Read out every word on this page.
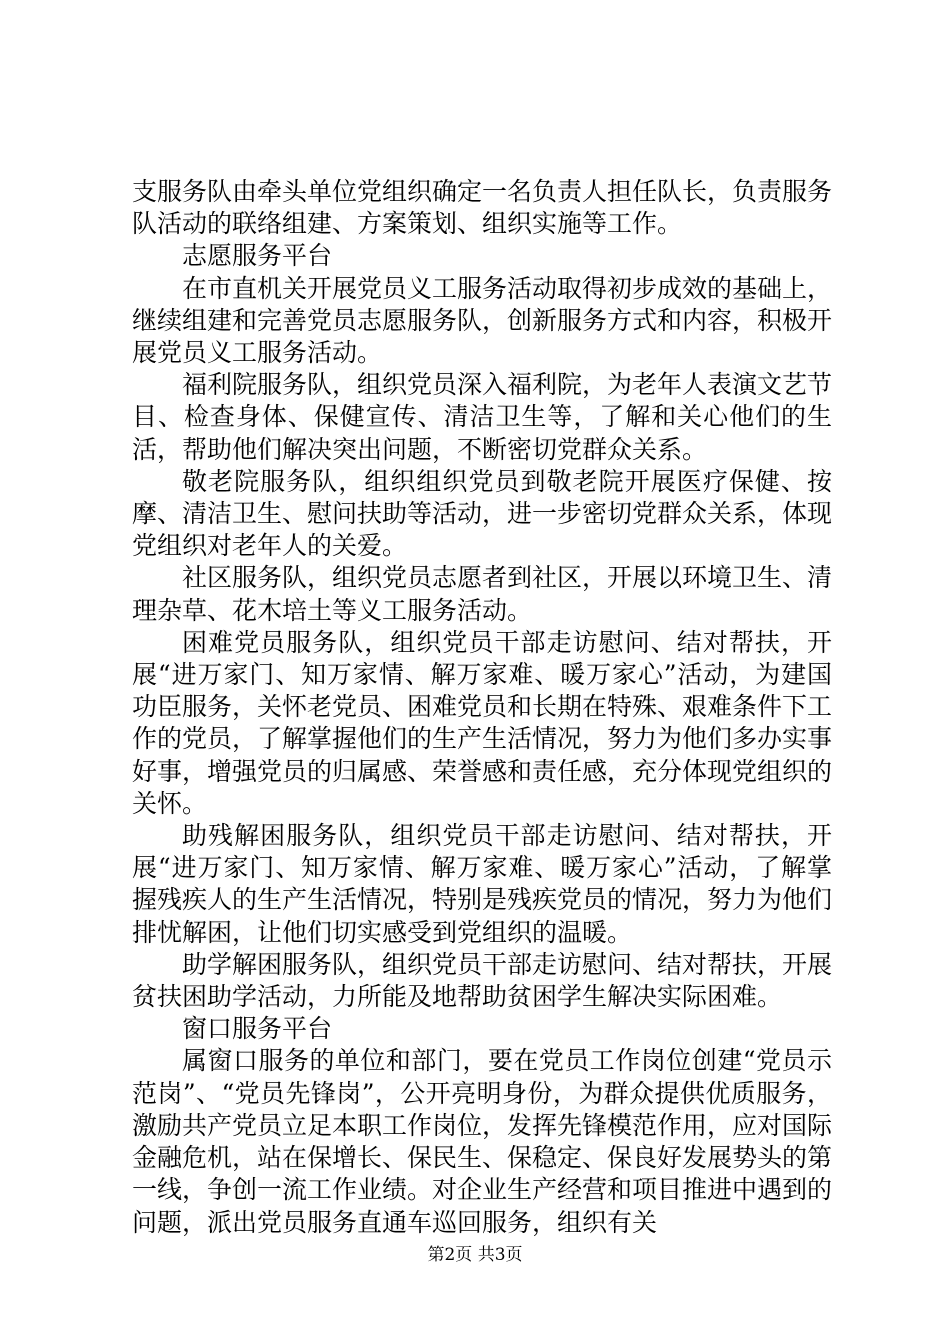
支服务队由牵头单位党组织确定一名负责人担任队长，负责服务队活动的联络组建、方案策划、组织实施等工作。

志愿服务平台

在市直机关开展党员义工服务活动取得初步成效的基础上，继续组建和完善党员志愿服务队，创新服务方式和内容，积极开展党员义工服务活动。

福利院服务队，组织党员深入福利院，为老年人表演文艺节目、检查身体、保健宣传、清洁卫生等，了解和关心他们的生活，帮助他们解决突出问题，不断密切党群众关系。

敬老院服务队，组织组织党员到敬老院开展医疗保健、按摩、清洁卫生、慰问扶助等活动，进一步密切党群众关系，体现党组织对老年人的关爱。

社区服务队，组织党员志愿者到社区，开展以环境卫生、清理杂草、花木培土等义工服务活动。

困难党员服务队，组织党员干部走访慰问、结对帮扶，开展“进万家门、知万家情、解万家难、暖万家心”活动，为建国功臣服务，关怀老党员、困难党员和长期在特殊、艰难条件下工作的党员，了解掌握他们的生产生活情况，努力为他们多办实事好事，增强党员的归属感、荣誉感和责任感，充分体现党组织的关怀。

助残解困服务队，组织党员干部走访慰问、结对帮扶，开展“进万家门、知万家情、解万家难、暖万家心”活动，了解掌握残疾人的生产生活情况，特别是残疾党员的情况，努力为他们排忧解困，让他们切实感受到党组织的温暖。

助学解困服务队，组织党员干部走访慰问、结对帮扶，开展贫扶困助学活动，力所能及地帮助贫困学生解决实际困难。

窗口服务平台

属窗口服务的单位和部门，要在党员工作岗位创建“党员示范岗”、“党员先锋岗”，公开亮明身份，为群众提供优质服务，激励共产党员立足本职工作岗位，发挥先锋模范作用，应对国际金融危机，站在保增长、保民生、保稳定、保良好发展势头的第一线，争创一流工作业绩。对企业生产经营和项目推进中遇到的问题，派出党员服务直通车巡回服务，组织有关

第2页 共3页
